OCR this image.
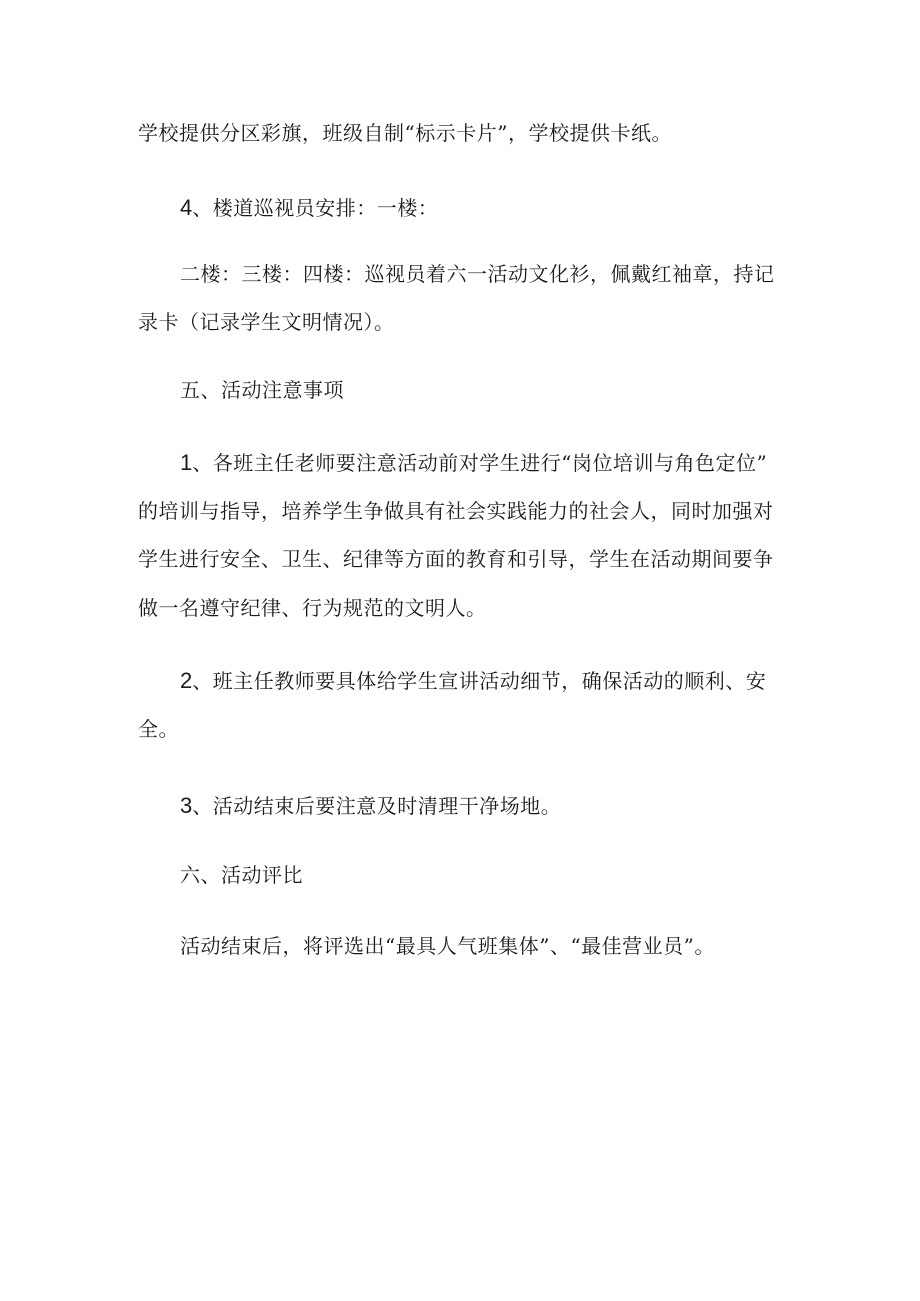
学校提供分区彩旗，班级自制“标示卡片”，学校提供卡纸。
4、楼道巡视员安排：一楼：
二楼：三楼：四楼：巡视员着六一活动文化衫，佩戴红袖章，持记
录卡（记录学生文明情况）。
五、活动注意事项
1、各班主任老师要注意活动前对学生进行“岗位培训与角色定位”
的培训与指导，培养学生争做具有社会实践能力的社会人，同时加强对
学生进行安全、卫生、纪律等方面的教育和引导，学生在活动期间要争
做一名遵守纪律、行为规范的文明人。
2、班主任教师要具体给学生宣讲活动细节，确保活动的顺利、安
全。
3、活动结束后要注意及时清理干净场地。
六、活动评比
活动结束后，将评选出“最具人气班集体”、“最佳营业员”。
